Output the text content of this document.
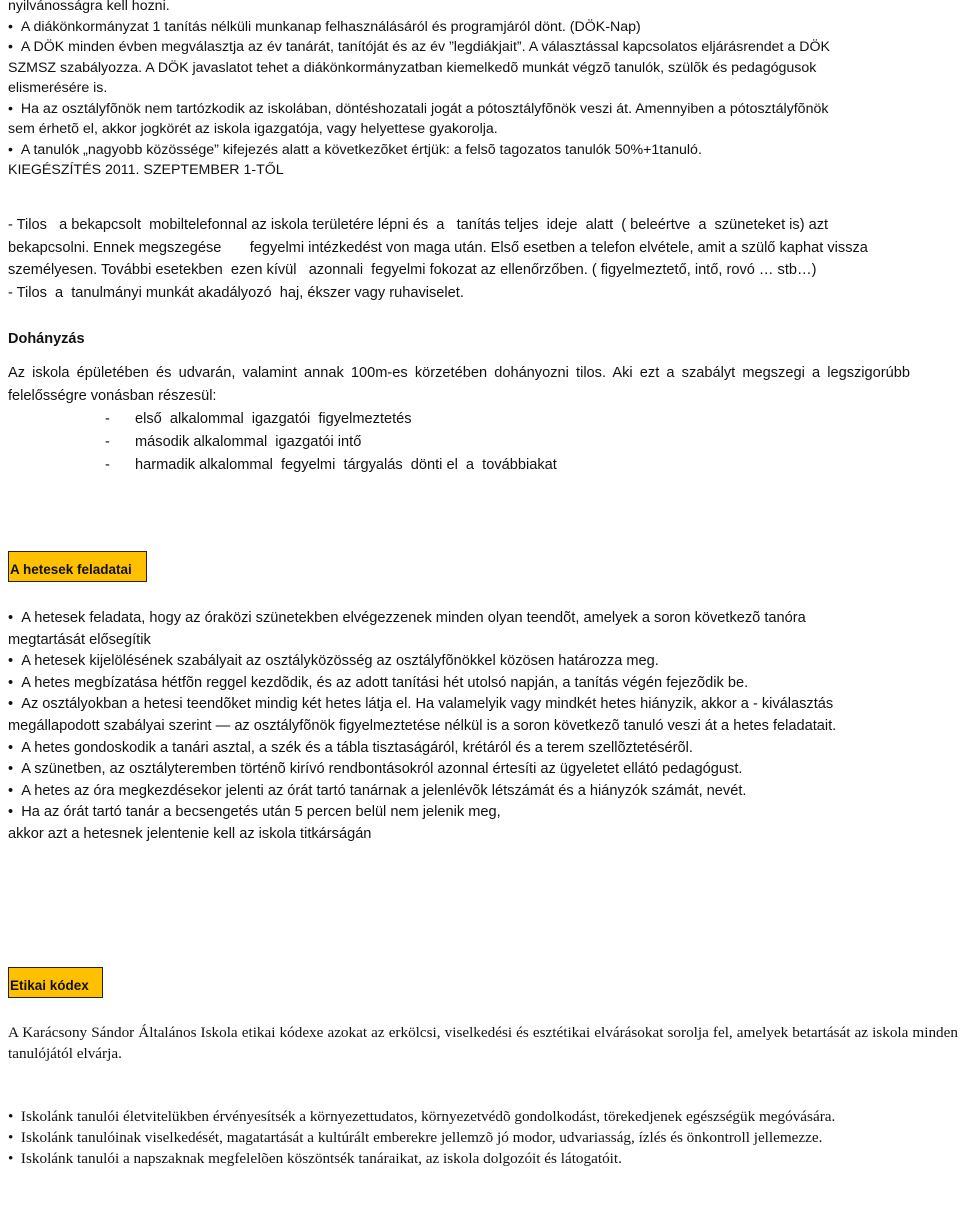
nyilvánosságra kell hozni.
•  A diákönkormányzat 1 tanítás nélküli munkanap felhasználásáról és programjáról dönt. (DÖK-Nap)
•  A DÖK minden évben megválasztja az év tanárát, tanítóját és az év ”legdiákjait”. A választással kapcsolatos eljárásrendet a DÖK
SZMSZ szabályozza. A DÖK javaslatot tehet a diákönkormányzatban kiemelkedõ munkát végzõ tanulók, szülõk és pedagógusok
elismerésére is.
•  Ha az osztályfõnök nem tartózkodik az iskolában, döntéshozatali jogát a pótosztályfõnök veszi át. Amennyiben a pótosztályfõnök
sem érhetõ el, akkor jogkörét az iskola igazgatója, vagy helyettese gyakorolja.
•  A tanulók „nagyobb közössége” kifejezés alatt a következõket értjük: a felsõ tagozatos tanulók 50%+1tanuló.
KIEGÉSZÍTÉS 2011. SZEPTEMBER 1-TŐL
- Tilos   a bekapcsolt  mobiltelefonnal az iskola területére lépni és  a   tanítás teljes  ideje  alatt  ( beleértve  a  szüneteket is) azt
bekapcsolni. Ennek megszegése       fegyelmi intézkedést von maga után. Első esetben a telefon elvétele, amit a szülő kaphat vissza
személyesen. További esetekben  ezen kívül   azonnali  fegyelmi fokozat az ellenőrzőben. ( figyelmeztető, intő, rovó … stb…)
- Tilos  a  tanulmányi munkát akadályozó  haj, ékszer vagy ruhaviselet.
Dohányzás
Az iskola épületében és udvarán, valamint annak 100m-es körzetében dohányozni tilos. Aki ezt a szabályt megszegi a legszigorúbb felelősségre vonásban részesül:
- első  alkalommal  igazgatói  figyelmeztetés
- második alkalommal  igazgatói intő
- harmadik alkalommal  fegyelmi  tárgyalás  dönti el  a  továbbiakat
A hetesek feladatai
•  A hetesek feladata, hogy az óraközi szünetekben elvégezzenek minden olyan teendõt, amelyek a soron következõ tanóra
megtartását elősegítik
•  A hetesek kijelölésének szabályait az osztályközösség az osztályfõnökkel közösen határozza meg.
•  A hetes megbízatása hétfõn reggel kezdõdik, és az adott tanítási hét utolsó napján, a tanítás végén fejezõdik be.
•  Az osztályokban a hetesi teendõket mindig két hetes látja el. Ha valamelyik vagy mindkét hetes hiányzik, akkor a - kiválasztás
megállapodott szabályai szerint — az osztályfõnök figyelmeztetése nélkül is a soron következõ tanuló veszi át a hetes feladatait.
•  A hetes gondoskodik a tanári asztal, a szék és a tábla tisztaságáról, krétáról és a terem szellõztetésérõl.
•  A szünetben, az osztályteremben történõ kirívó rendbontásokról azonnal értesíti az ügyeletet ellátó pedagógust.
•  A hetes az óra megkezdésekor jelenti az órát tartó tanárnak a jelenlévõk létszámát és a hiányzók számát, nevét.
•  Ha az órát tartó tanár a becsengetés után 5 percen belül nem jelenik meg,
akkor azt a hetesnek jelentenie kell az iskola titkárságán
Etikai kódex
A Karácsony Sándor Általános Iskola etikai kódexe azokat az erkölcsi, viselkedési és esztétikai elvárásokat sorolja fel, amelyek betartását az iskola minden tanulójától elvárja.
•  Iskolánk tanulói életvitelükben érvényesítsék a környezettudatos, környezetvédõ gondolkodást, törekedjenek egészségük megóvására.
•  Iskolánk tanulóinak viselkedését, magatartását a kultúrált emberekre jellemzõ jó modor, udvariasság, ízlés és önkontroll jellemezze.
•  Iskolánk tanulói a napszaknak megfelelõen köszöntsék tanáraikat, az iskola dolgozóit és látogatóit.
